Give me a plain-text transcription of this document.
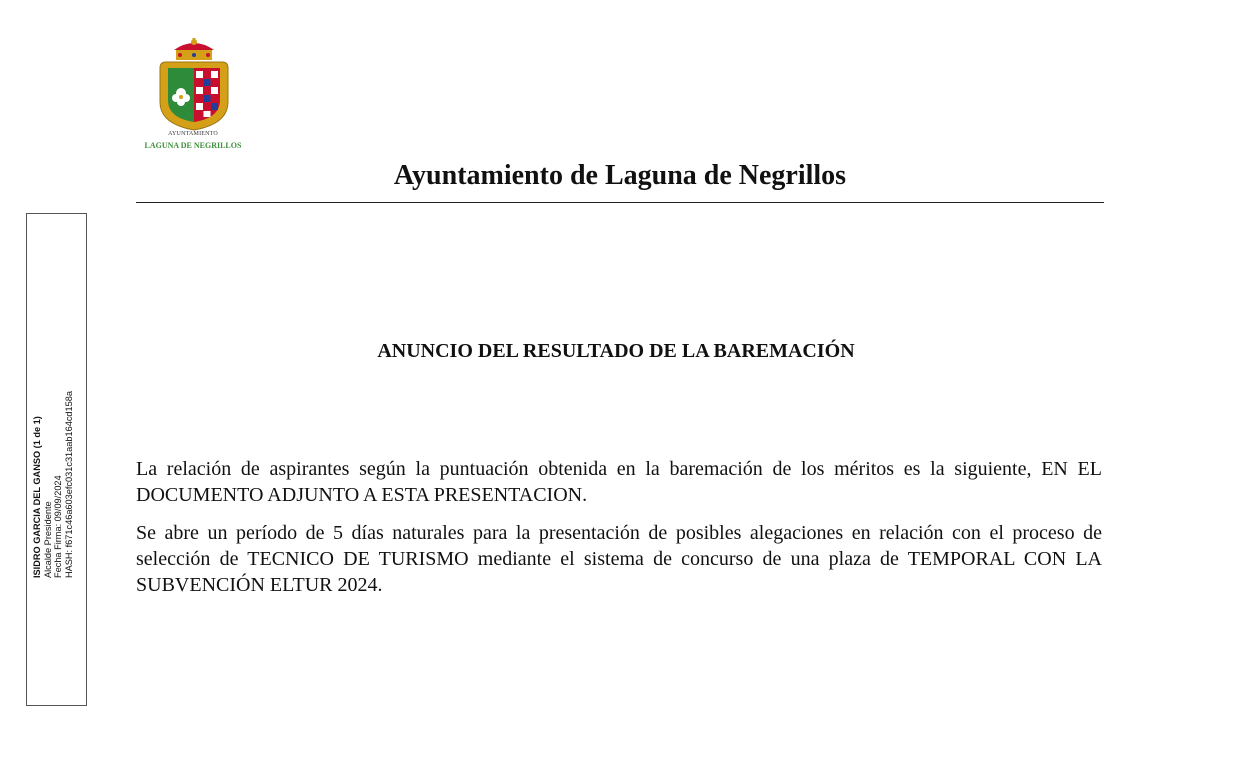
AYUNTAMIENTO
LAGUNA DE NEGRILLOS
Ayuntamiento de Laguna de Negrillos
ANUNCIO DEL RESULTADO DE LA BAREMACIÓN

La relación de aspirantes según la puntuación obtenida en la baremación de los méritos es la siguiente, EN EL DOCUMENTO ADJUNTO A ESTA PRESENTACION.

Se abre un período de 5 días naturales para la presentación de posibles alegaciones en relación con el proceso de selección de TECNICO DE TURISMO mediante el sistema de concurso de una plaza de TEMPORAL CON LA SUBVENCIÓN ELTUR 2024.

ISIDRO GARCIA DEL GANSO (1 de 1) Alcalde Presidente Fecha Firma: 09/09/2024 HASH: f671c46a603efc031c31aab164cd158a
